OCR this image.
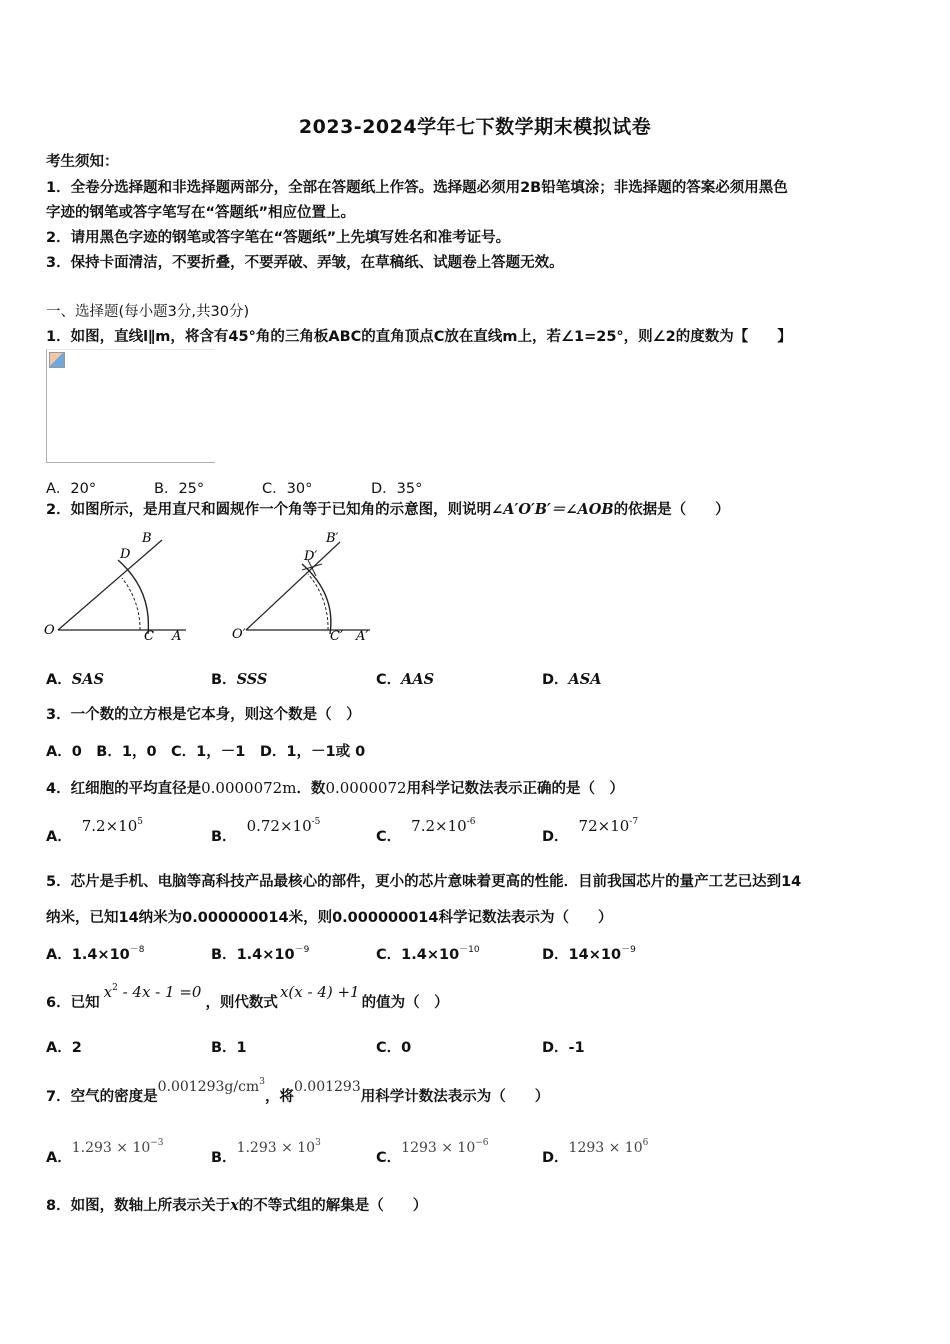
2023-2024学年七下数学期末模拟试卷
考生须知：
1．全卷分选择题和非选择题两部分，全部在答题纸上作答。选择题必须用2B铅笔填涂；非选择题的答案必须用黑色
字迹的钢笔或答字笔写在“答题纸”相应位置上。
2．请用黑色字迹的钢笔或答字笔在“答题纸”上先填写姓名和准考证号。
3．保持卡面清洁，不要折叠，不要弄破、弄皱，在草稿纸、试题卷上答题无效。
一、选择题(每小题3分,共30分)
1．如图，直线l∥m，将含有45°角的三角板ABC的直角顶点C放在直线m上，若∠1=25°，则∠2的度数为【　　】
A．20°	B．25°	C．30°	D．35°
2．如图所示，是用直尺和圆规作一个角等于已知角的示意图，则说明∠A′O′B′＝∠AOB的依据是（　　）
B
D
O	C A
B′
D′
O′	C′ A′
A．SAS	B．SSS	C．AAS	D．ASA
3．一个数的立方根是它本身，则这个数是（　）
A．0　B．1，0　C．1，－1　D．1，－1或 0
4．红细胞的平均直径是0.0000072m．数0.0000072用科学记数法表示正确的是（　）
A．$7.2\times 10^5$
B．$0.72\times 10^{-5}$
C．$7.2\times 10^{-6}$
D．$72\times 10^{-7}$
5．芯片是手机、电脑等高科技产品最核心的部件，更小的芯片意味着更高的性能．目前我国芯片的量产工艺已达到14
纳米，已知14纳米为0.000000014米，则0.000000014科学记数法表示为（　　）
A．$1.4\times 10^{-8}$	B．$1.4\times 10^{-9}$	C．$1.4\times 10^{-10}$	D．$14\times 10^{-9}$
6．已知$x^2 - 4x - 1 =0$，则代数式x(x - 4) +1的值为（　）
A．2	B．1	C．0	D．-1
7．空气的密度是$0.001293g/cm^3$，将0.001293用科学计数法表示为（　　）
A．$1.293 \times 10^{-3}$
B．$1.293 \times 10^3$
C．$1293 \times 10^{-6}$
D．$1293 \times 10^6$
8．如图，数轴上所表示关于x的不等式组的解集是（　　）
